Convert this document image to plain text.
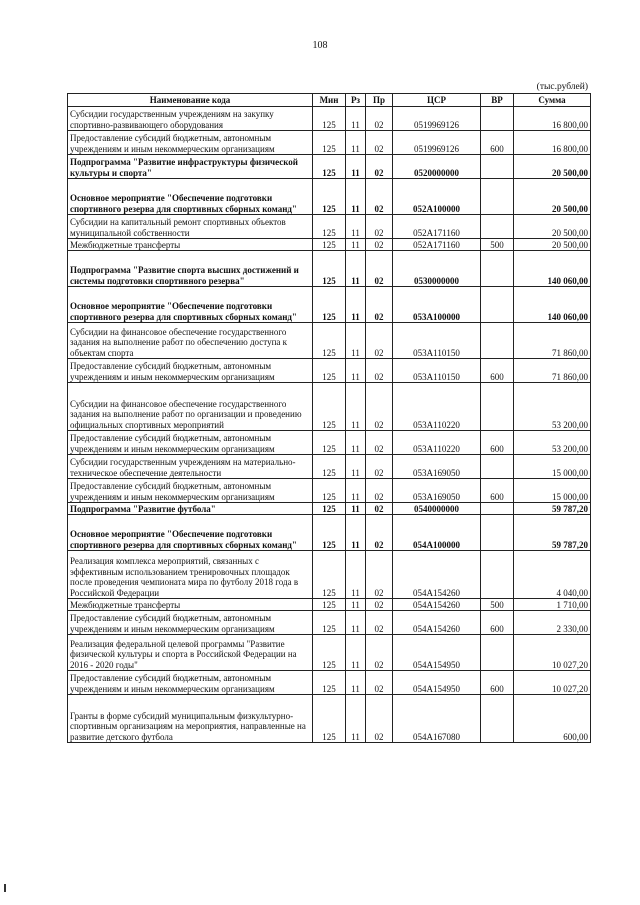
108
(тыс.рублей)
Наименование кода	Мин	Рз	Пр	ЦСР	ВР	Сумма
Субсидии государственным учреждениям на закупку спортивно-развивающего оборудования	125	11	02	0519969126		16 800,00
Предоставление субсидий бюджетным, автономным учреждениям и иным некоммерческим организациям	125	11	02	0519969126	600	16 800,00
Подпрограмма "Развитие инфраструктуры физической культуры и спорта"	125	11	02	0520000000		20 500,00
Основное мероприятие "Обеспечение подготовки спортивного резерва для спортивных сборных команд"	125	11	02	052А100000		20 500,00
Субсидии на капитальный ремонт спортивных объектов муниципальной собственности	125	11	02	052А171160		20 500,00
Межбюджетные трансферты	125	11	02	052А171160	500	20 500,00
Подпрограмма "Развитие спорта высших достижений и системы подготовки спортивного резерва"	125	11	02	0530000000		140 060,00
Основное мероприятие "Обеспечение подготовки спортивного резерва для спортивных сборных команд"	125	11	02	053А100000		140 060,00
Субсидии на финансовое обеспечение государственного задания на выполнение работ по обеспечению доступа к объектам спорта	125	11	02	053А110150		71 860,00
Предоставление субсидий бюджетным, автономным учреждениям и иным некоммерческим организациям	125	11	02	053А110150	600	71 860,00
Субсидии на финансовое обеспечение государственного задания на выполнение работ по организации и проведению официальных спортивных мероприятий	125	11	02	053А110220		53 200,00
Предоставление субсидий бюджетным, автономным учреждениям и иным некоммерческим организациям	125	11	02	053А110220	600	53 200,00
Субсидии государственным учреждениям на материально-техническое обеспечение деятельности	125	11	02	053А169050		15 000,00
Предоставление субсидий бюджетным, автономным учреждениям и иным некоммерческим организациям	125	11	02	053А169050	600	15 000,00
Подпрограмма "Развитие футбола"	125	11	02	0540000000		59 787,20
Основное мероприятие "Обеспечение подготовки спортивного резерва для спортивных сборных команд"	125	11	02	054А100000		59 787,20
Реализация комплекса мероприятий, связанных с эффективным использованием тренировочных площадок после проведения чемпионата мира по футболу 2018 года в Российской Федерации	125	11	02	054А154260		4 040,00
Межбюджетные трансферты	125	11	02	054А154260	500	1 710,00
Предоставление субсидий бюджетным, автономным учреждениям и иным некоммерческим организациям	125	11	02	054А154260	600	2 330,00
Реализация федеральной целевой программы "Развитие физической культуры и спорта в Российской Федерации на 2016 - 2020 годы"	125	11	02	054А154950		10 027,20
Предоставление субсидий бюджетным, автономным учреждениям и иным некоммерческим организациям	125	11	02	054А154950	600	10 027,20
Гранты в форме субсидий муниципальным физкультурно-спортивным организациям на мероприятия, направленные на развитие детского футбола	125	11	02	054А167080		600,00
